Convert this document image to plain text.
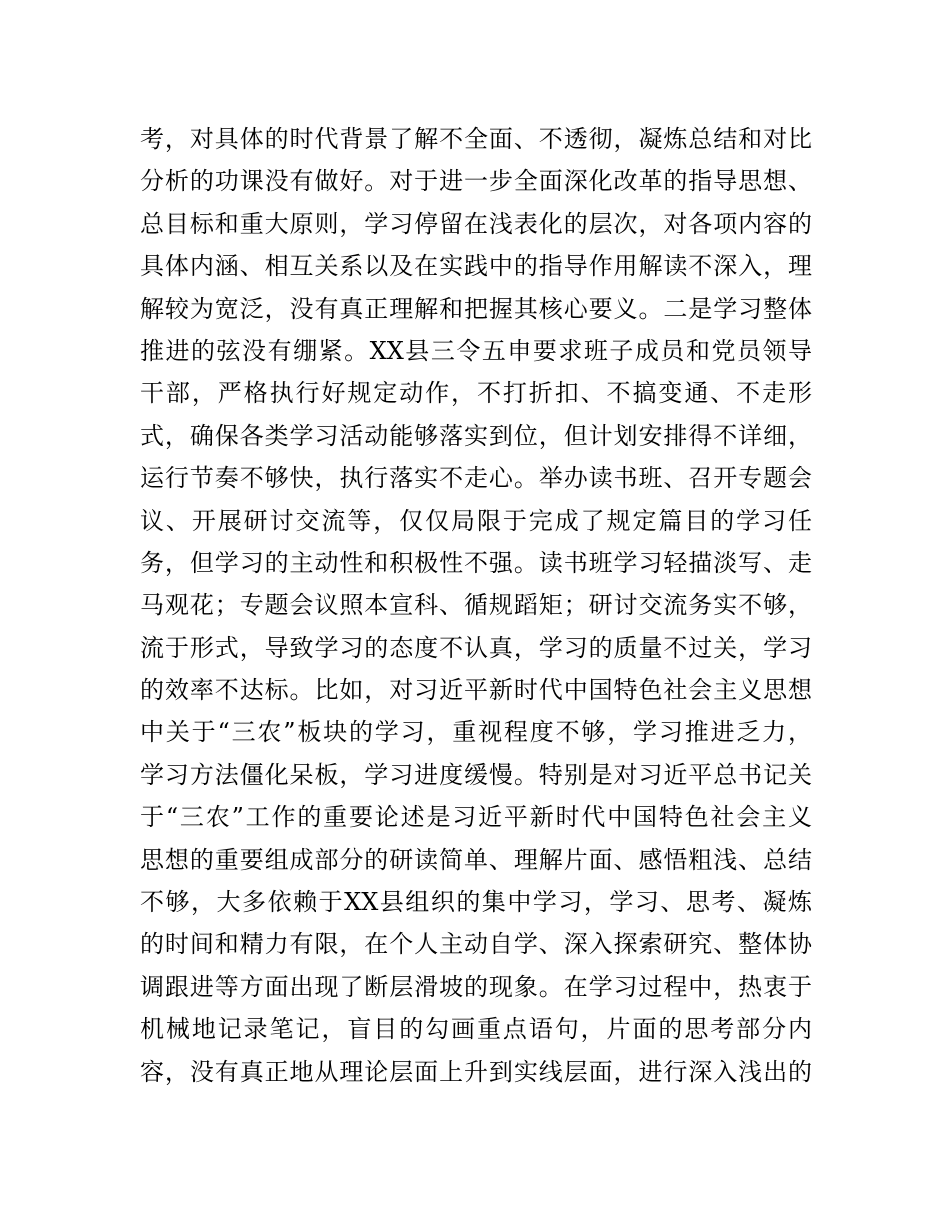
考，对具体的时代背景了解不全面、不透彻，凝炼总结和对比
分析的功课没有做好。对于进一步全面深化改革的指导思想、
总目标和重大原则，学习停留在浅表化的层次，对各项内容的
具体内涵、相互关系以及在实践中的指导作用解读不深入，理
解较为宽泛，没有真正理解和把握其核心要义。二是学习整体
推进的弦没有绷紧。XX县三令五申要求班子成员和党员领导
干部，严格执行好规定动作，不打折扣、不搞变通、不走形
式，确保各类学习活动能够落实到位，但计划安排得不详细，
运行节奏不够快，执行落实不走心。举办读书班、召开专题会
议、开展研讨交流等，仅仅局限于完成了规定篇目的学习任
务，但学习的主动性和积极性不强。读书班学习轻描淡写、走
马观花；专题会议照本宣科、循规蹈矩；研讨交流务实不够，
流于形式，导致学习的态度不认真，学习的质量不过关，学习
的效率不达标。比如，对习近平新时代中国特色社会主义思想
中关于“三农”板块的学习，重视程度不够，学习推进乏力，
学习方法僵化呆板，学习进度缓慢。特别是对习近平总书记关
于“三农”工作的重要论述是习近平新时代中国特色社会主义
思想的重要组成部分的研读简单、理解片面、感悟粗浅、总结
不够，大多依赖于XX县组织的集中学习，学习、思考、凝炼
的时间和精力有限，在个人主动自学、深入探索研究、整体协
调跟进等方面出现了断层滑坡的现象。在学习过程中，热衷于
机械地记录笔记，盲目的勾画重点语句，片面的思考部分内
容，没有真正地从理论层面上升到实线层面，进行深入浅出的
